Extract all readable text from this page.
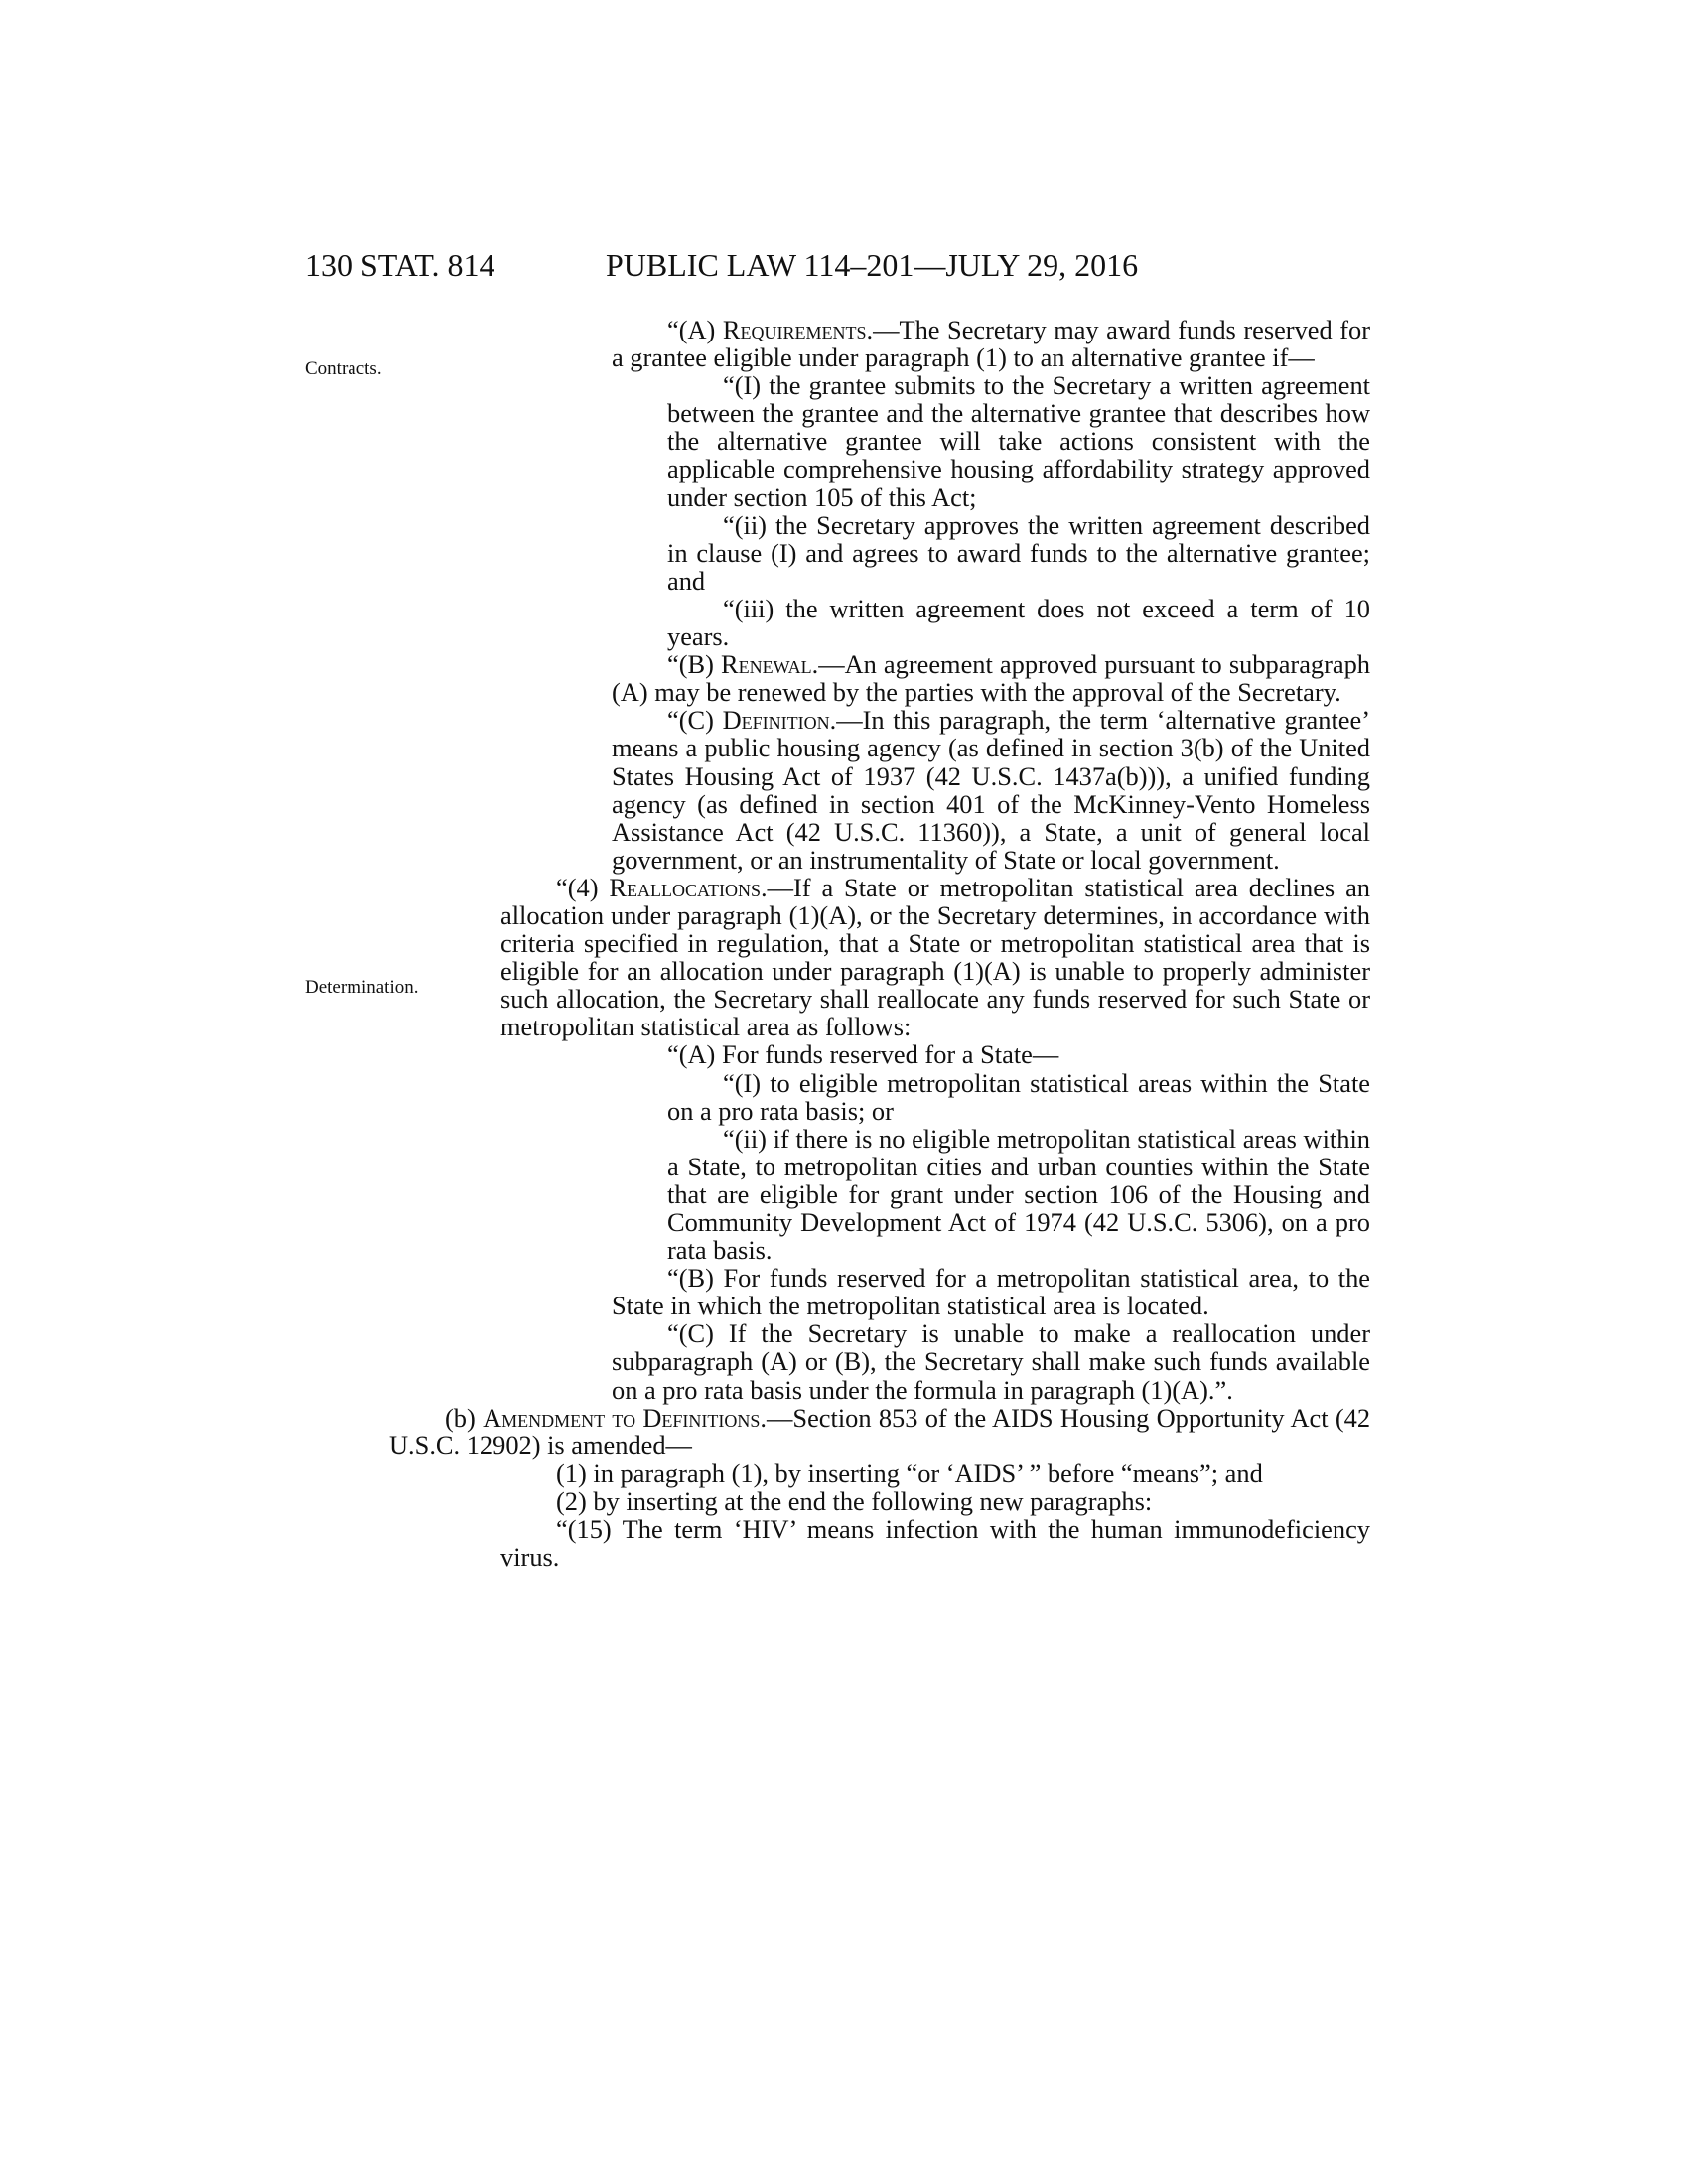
130 STAT. 814	PUBLIC LAW 114–201—JULY 29, 2016
Contracts.
Determination.

“(A) Requirements.—The Secretary may award funds reserved for a grantee eligible under paragraph (1) to an alternative grantee if—

“(I) the grantee submits to the Secretary a written agreement between the grantee and the alternative grantee that describes how the alternative grantee will take actions consistent with the applicable comprehensive housing affordability strategy approved under section 105 of this Act;

“(ii) the Secretary approves the written agreement described in clause (I) and agrees to award funds to the alternative grantee; and

“(iii) the written agreement does not exceed a term of 10 years.

“(B) Renewal.—An agreement approved pursuant to subparagraph (A) may be renewed by the parties with the approval of the Secretary.

“(C) Definition.—In this paragraph, the term ‘alternative grantee’ means a public housing agency (as defined in section 3(b) of the United States Housing Act of 1937 (42 U.S.C. 1437a(b))), a unified funding agency (as defined in section 401 of the McKinney-Vento Homeless Assistance Act (42 U.S.C. 11360)), a State, a unit of general local government, or an instrumentality of State or local government.

“(4) Reallocations.—If a State or metropolitan statistical area declines an allocation under paragraph (1)(A), or the Secretary determines, in accordance with criteria specified in regulation, that a State or metropolitan statistical area that is eligible for an allocation under paragraph (1)(A) is unable to properly administer such allocation, the Secretary shall reallocate any funds reserved for such State or metropolitan statistical area as follows:

“(A) For funds reserved for a State—

“(I) to eligible metropolitan statistical areas within the State on a pro rata basis; or

“(ii) if there is no eligible metropolitan statistical areas within a State, to metropolitan cities and urban counties within the State that are eligible for grant under section 106 of the Housing and Community Development Act of 1974 (42 U.S.C. 5306), on a pro rata basis.

“(B) For funds reserved for a metropolitan statistical area, to the State in which the metropolitan statistical area is located.

“(C) If the Secretary is unable to make a reallocation under subparagraph (A) or (B), the Secretary shall make such funds available on a pro rata basis under the formula in paragraph (1)(A).”.

(b) Amendment to Definitions.—Section 853 of the AIDS Housing Opportunity Act (42 U.S.C. 12902) is amended—

(1) in paragraph (1), by inserting “or ‘AIDS’ ” before “means”; and

(2) by inserting at the end the following new paragraphs:

“(15) The term ‘HIV’ means infection with the human immunodeficiency virus.
